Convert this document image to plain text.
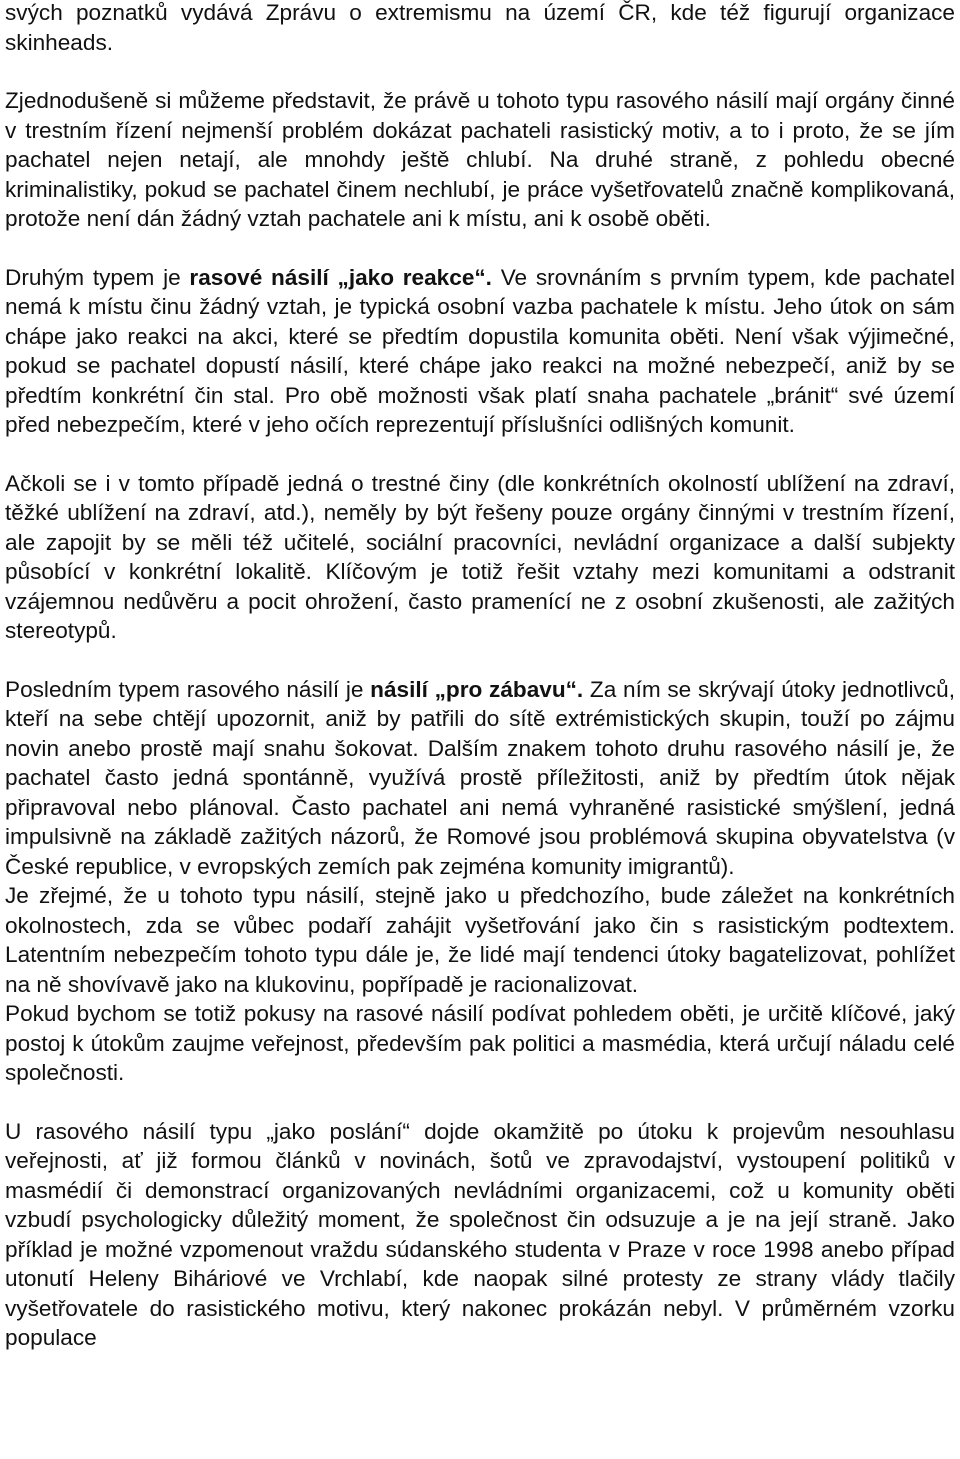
svých poznatků vydává Zprávu o extremismu na území ČR, kde též figurují organizace skinheads.

Zjednodušeně si můžeme představit, že právě u tohoto typu rasového násilí mají orgány činné v trestním řízení nejmenší problém dokázat pachateli rasistický motiv, a to i proto, že se jím pachatel nejen netají, ale mnohdy ještě chlubí. Na druhé straně, z pohledu obecné kriminalistiky, pokud se pachatel činem nechlubí, je práce vyšetřovatelů značně komplikovaná, protože není dán žádný vztah pachatele ani k místu, ani k osobě oběti.

Druhým typem je rasové násilí „jako reakce“. Ve srovnáním s prvním typem, kde pachatel nemá k místu činu žádný vztah, je typická osobní vazba pachatele k místu. Jeho útok on sám chápe jako reakci na akci, které se předtím dopustila komunita oběti. Není však výjimečné, pokud se pachatel dopustí násilí, které chápe jako reakci na možné nebezpečí, aniž by se předtím konkrétní čin stal. Pro obě možnosti však platí snaha pachatele „bránit“ své území před nebezpečím, které v jeho očích reprezentují příslušníci odlišných komunit.

Ačkoli se i v tomto případě jedná o trestné činy (dle konkrétních okolností ublížení na zdraví, těžké ublížení na zdraví, atd.), neměly by být řešeny pouze orgány činnými v trestním řízení, ale zapojit by se měli též učitelé, sociální pracovníci, nevládní organizace a další subjekty působící v konkrétní lokalitě. Klíčovým je totiž řešit vztahy mezi komunitami a odstranit vzájemnou nedůvěru a pocit ohrožení, často pramenící ne z osobní zkušenosti, ale zažitých stereotypů.

Posledním typem rasového násilí je násilí „pro zábavu“. Za ním se skrývají útoky jednotlivců, kteří na sebe chtějí upozornit, aniž by patřili do sítě extrémistických skupin, touží po zájmu novin anebo prostě mají snahu šokovat. Dalším znakem tohoto druhu rasového násilí je, že pachatel často jedná spontánně, využívá prostě příležitosti, aniž by předtím útok nějak připravoval nebo plánoval. Často pachatel ani nemá vyhraněné rasistické smýšlení, jedná impulsivně na základě zažitých názorů, že Romové jsou problémová skupina obyvatelstva (v České republice, v evropských zemích pak zejména komunity imigrantů).

Je zřejmé, že u tohoto typu násilí, stejně jako u předchozího, bude záležet na konkrétních okolnostech, zda se vůbec podaří zahájit vyšetřování jako čin s rasistickým podtextem. Latentním nebezpečím tohoto typu dále je, že lidé mají tendenci útoky bagatelizovat, pohlížet na ně shovívavě jako na klukovinu, popřípadě je racionalizovat.

Pokud bychom se totiž pokusy na rasové násilí podívat pohledem oběti, je určitě klíčové, jaký postoj k útokům zaujme veřejnost, především pak politici a masmédia, která určují náladu celé společnosti.

U rasového násilí typu „jako poslání“ dojde okamžitě po útoku k projevům nesouhlasu veřejnosti, ať již formou článků v novinách, šotů ve zpravodajství, vystoupení politiků v masmédií či demonstrací organizovaných nevládními organizacemi, což u komunity oběti vzbudí psychologicky důležitý moment, že společnost čin odsuzuje a je na její straně. Jako příklad je možné vzpomenout vraždu súdanského studenta v Praze v roce 1998 anebo případ utonutí Heleny Biháriové ve Vrchlabí, kde naopak silné protesty ze strany vlády tlačily vyšetřovatele do rasistického motivu, který nakonec prokázán nebyl. V průměrném vzorku populace
